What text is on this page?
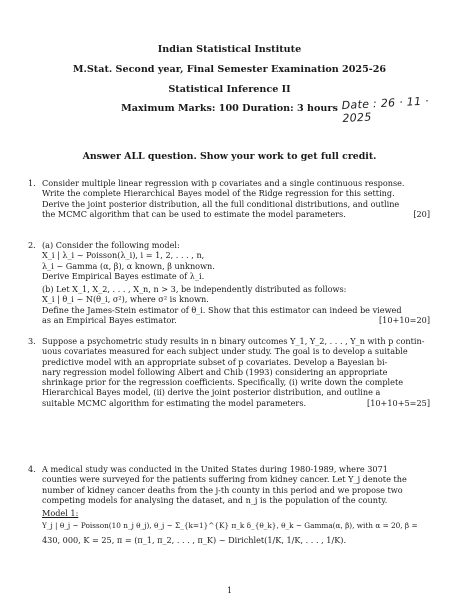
Indian Statistical Institute
M.Stat. Second year, Final Semester Examination 2025-26
Statistical Inference II
Maximum Marks: 100 Duration: 3 hours Date : 26 · 11 · 2025
Answer ALL question. Show your work to get full credit.
1. Consider multiple linear regression with p covariates and a single continuous response.
Write the complete Hierarchical Bayes model of the Ridge regression for this setting.
Derive the joint posterior distribution, all the full conditional distributions, and outline
the MCMC algorithm that can be used to estimate the model parameters.	[20]
2. (a) Consider the following model:
X_i | λ_i ~ Poisson(λ_i), i = 1, 2, . . . , n,
λ_i ~ Gamma (α, β), α known, β unknown.
Derive Empirical Bayes estimate of λ_i.
(b) Let X_1, X_2, . . . , X_n, n > 3, be independently distributed as follows:
X_i | θ_i ~ N(θ_i, σ²), where σ² is known.
Define the James-Stein estimator of θ_i. Show that this estimator can indeed be viewed
as an Empirical Bayes estimator.	[10+10=20]
3. Suppose a psychometric study results in n binary outcomes Y_1, Y_2, . . . , Y_n with p contin-
uous covariates measured for each subject under study. The goal is to develop a suitable
predictive model with an appropriate subset of p covariates. Develop a Bayesian bi-
nary regression model following Albert and Chib (1993) considering an appropriate
shrinkage prior for the regression coefficients. Specifically, (i) write down the complete
Hierarchical Bayes model, (ii) derive the joint posterior distribution, and outline a
suitable MCMC algorithm for estimating the model parameters.	[10+10+5=25]
4. A medical study was conducted in the United States during 1980-1989, where 3071
counties were surveyed for the patients suffering from kidney cancer. Let Y_j denote the
number of kidney cancer deaths from the j-th county in this period and we propose two
competing models for analysing the dataset, and n_j is the population of the county.
Model 1:
Y_j | θ_j ~ Poisson(10 n_j θ_j), θ_j ~ Σ_{k=1}^{K} π_k δ_{θ_k}, θ_k ~ Gamma(α, β), with α = 20, β =
430, 000, K = 25, π = (π_1, π_2, . . . , π_K) ~ Dirichlet(1/K, 1/K, . . . , 1/K).
1
